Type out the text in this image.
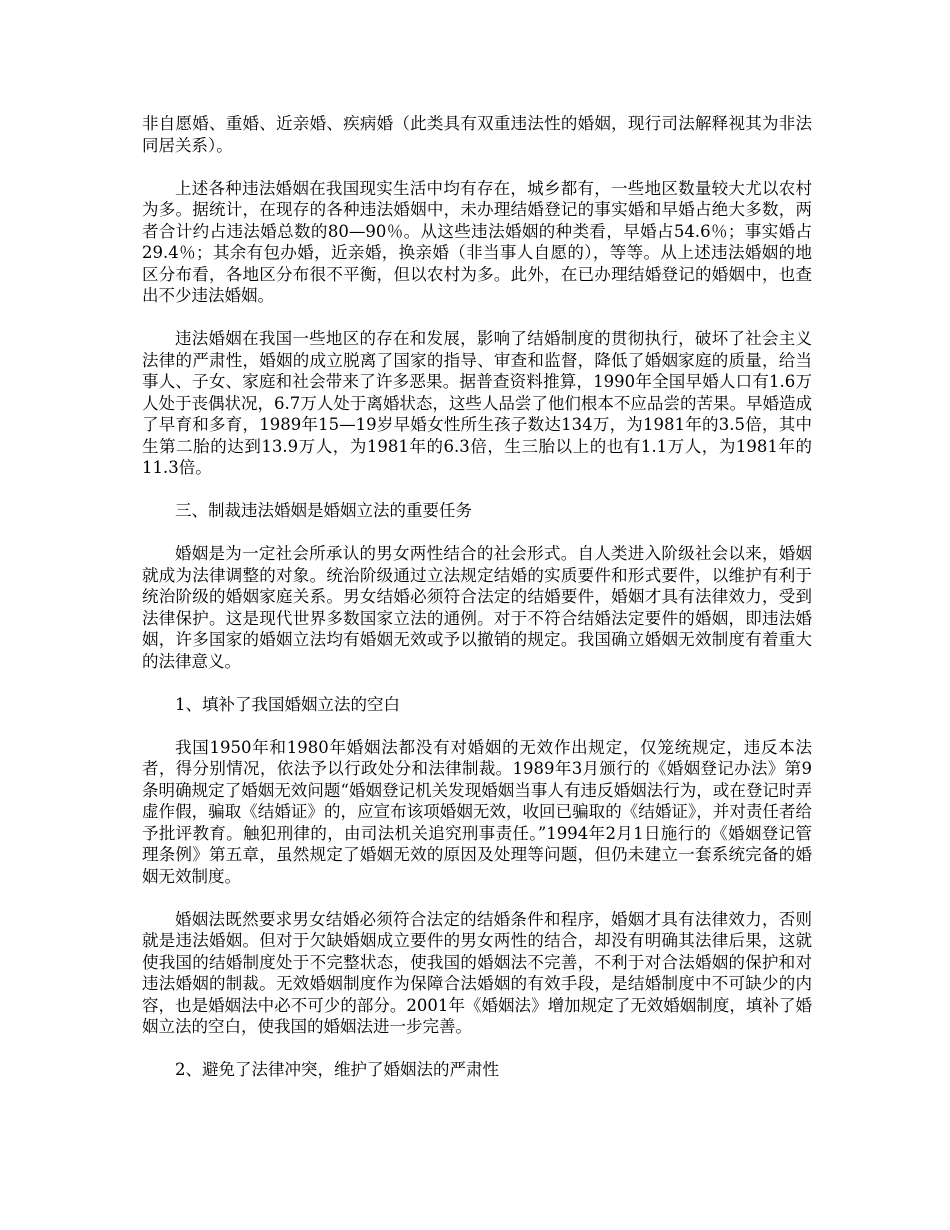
非自愿婚、重婚、近亲婚、疾病婚（此类具有双重违法性的婚姻，现行司法解释视其为非法同居关系）。

上述各种违法婚姻在我国现实生活中均有存在，城乡都有，一些地区数量较大尤以农村为多。据统计，在现存的各种违法婚姻中，未办理结婚登记的事实婚和早婚占绝大多数，两者合计约占违法婚总数的80—90％。从这些违法婚姻的种类看，早婚占54.6％；事实婚占29.4％；其余有包办婚，近亲婚，换亲婚（非当事人自愿的），等等。从上述违法婚姻的地区分布看，各地区分布很不平衡，但以农村为多。此外，在已办理结婚登记的婚姻中，也查出不少违法婚姻。

违法婚姻在我国一些地区的存在和发展，影响了结婚制度的贯彻执行，破坏了社会主义法律的严肃性，婚姻的成立脱离了国家的指导、审查和监督，降低了婚姻家庭的质量，给当事人、子女、家庭和社会带来了许多恶果。据普查资料推算，1990年全国早婚人口有1.6万人处于丧偶状况，6.7万人处于离婚状态，这些人品尝了他们根本不应品尝的苦果。早婚造成了早育和多育，1989年15—19岁早婚女性所生孩子数达134万，为1981年的3.5倍，其中生第二胎的达到13.9万人，为1981年的6.3倍，生三胎以上的也有1.1万人，为1981年的11.3倍。

三、制裁违法婚姻是婚姻立法的重要任务

婚姻是为一定社会所承认的男女两性结合的社会形式。自人类进入阶级社会以来，婚姻就成为法律调整的对象。统治阶级通过立法规定结婚的实质要件和形式要件，以维护有利于统治阶级的婚姻家庭关系。男女结婚必须符合法定的结婚要件，婚姻才具有法律效力，受到法律保护。这是现代世界多数国家立法的通例。对于不符合结婚法定要件的婚姻，即违法婚姻，许多国家的婚姻立法均有婚姻无效或予以撤销的规定。我国确立婚姻无效制度有着重大的法律意义。

1、填补了我国婚姻立法的空白

我国1950年和1980年婚姻法都没有对婚姻的无效作出规定，仅笼统规定，违反本法者，得分别情况，依法予以行政处分和法律制裁。1989年3月颁行的《婚姻登记办法》第9条明确规定了婚姻无效问题“婚姻登记机关发现婚姻当事人有违反婚姻法行为，或在登记时弄虚作假，骗取《结婚证》的，应宣布该项婚姻无效，收回已骗取的《结婚证》，并对责任者给予批评教育。触犯刑律的，由司法机关追究刑事责任。”1994年2月1日施行的《婚姻登记管理条例》第五章，虽然规定了婚姻无效的原因及处理等问题，但仍未建立一套系统完备的婚姻无效制度。

婚姻法既然要求男女结婚必须符合法定的结婚条件和程序，婚姻才具有法律效力，否则就是违法婚姻。但对于欠缺婚姻成立要件的男女两性的结合，却没有明确其法律后果，这就使我国的结婚制度处于不完整状态，使我国的婚姻法不完善，不利于对合法婚姻的保护和对违法婚姻的制裁。无效婚姻制度作为保障合法婚姻的有效手段，是结婚制度中不可缺少的内容，也是婚姻法中必不可少的部分。2001年《婚姻法》增加规定了无效婚姻制度，填补了婚姻立法的空白，使我国的婚姻法进一步完善。

2、避免了法律冲突，维护了婚姻法的严肃性
